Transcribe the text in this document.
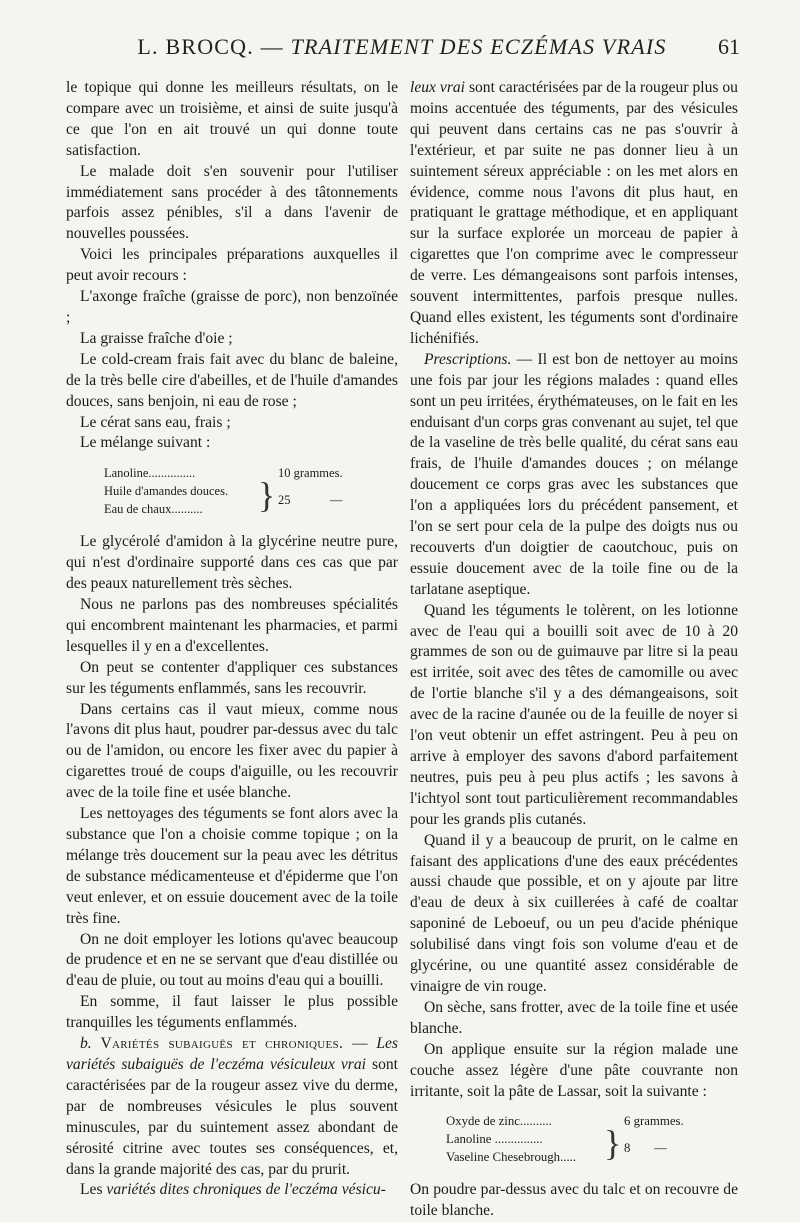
L. BROCQ. — TRAITEMENT DES ECZÉMAS VRAIS	61

le topique qui donne les meilleurs résultats, on le compare avec un troisième, et ainsi de suite jusqu'à ce que l'on en ait trouvé un qui donne toute satisfaction.

Le malade doit s'en souvenir pour l'utiliser immédiatement sans procéder à des tâtonnements parfois assez pénibles, s'il a dans l'avenir de nouvelles poussées.

Voici les principales préparations auxquelles il peut avoir recours :

L'axonge fraîche (graisse de porc), non benzoïnée ;

La graisse fraîche d'oie ;

Le cold-cream frais fait avec du blanc de baleine, de la très belle cire d'abeilles, et de l'huile d'amandes douces, sans benjoin, ni eau de rose ;

Le cérat sans eau, frais ;

Le mélange suivant :

Lanoline...............	10 grammes.
Huile d'amandes douces.
Eau de chaux.......... } 25	—

Le glycérolé d'amidon à la glycérine neutre pure, qui n'est d'ordinaire supporté dans ces cas que par des peaux naturellement très sèches.

Nous ne parlons pas des nombreuses spécialités qui encombrent maintenant les pharmacies, et parmi lesquelles il y en a d'excellentes.

On peut se contenter d'appliquer ces substances sur les téguments enflammés, sans les recouvrir.

Dans certains cas il vaut mieux, comme nous l'avons dit plus haut, poudrer par-dessus avec du talc ou de l'amidon, ou encore les fixer avec du papier à cigarettes troué de coups d'aiguille, ou les recouvrir avec de la toile fine et usée blanche.

Les nettoyages des téguments se font alors avec la substance que l'on a choisie comme topique ; on la mélange très doucement sur la peau avec les détritus de substance médicamenteuse et d'épiderme que l'on veut enlever, et on essuie doucement avec de la toile très fine.

On ne doit employer les lotions qu'avec beaucoup de prudence et en ne se servant que d'eau distillée ou d'eau de pluie, ou tout au moins d'eau qui a bouilli.

En somme, il faut laisser le plus possible tranquilles les téguments enflammés.

b. Variétés subaiguës et chroniques. — Les variétés subaiguës de l'eczéma vésiculeux vrai sont caractérisées par de la rougeur assez vive du derme, par de nombreuses vésicules le plus souvent minuscules, par du suintement assez abondant de sérosité citrine avec toutes ses conséquences, et, dans la grande majorité des cas, par du prurit.

Les variétés dites chroniques de l'eczéma vésicu-

leux vrai sont caractérisées par de la rougeur plus ou moins accentuée des téguments, par des vésicules qui peuvent dans certains cas ne pas s'ouvrir à l'extérieur, et par suite ne pas donner lieu à un suintement séreux appréciable : on les met alors en évidence, comme nous l'avons dit plus haut, en pratiquant le grattage méthodique, et en appliquant sur la surface explorée un morceau de papier à cigarettes que l'on comprime avec le compresseur de verre. Les démangeaisons sont parfois intenses, souvent intermittentes, parfois presque nulles. Quand elles existent, les téguments sont d'ordinaire lichénifiés.

Prescriptions. — Il est bon de nettoyer au moins une fois par jour les régions malades : quand elles sont un peu irritées, érythémateuses, on le fait en les enduisant d'un corps gras convenant au sujet, tel que de la vaseline de très belle qualité, du cérat sans eau frais, de l'huile d'amandes douces ; on mélange doucement ce corps gras avec les substances que l'on a appliquées lors du précédent pansement, et l'on se sert pour cela de la pulpe des doigts nus ou recouverts d'un doigtier de caoutchouc, puis on essuie doucement avec de la toile fine ou de la tarlatane aseptique.

Quand les téguments le tolèrent, on les lotionne avec de l'eau qui a bouilli soit avec de 10 à 20 grammes de son ou de guimauve par litre si la peau est irritée, soit avec des têtes de camomille ou avec de l'ortie blanche s'il y a des démangeaisons, soit avec de la racine d'aunée ou de la feuille de noyer si l'on veut obtenir un effet astringent. Peu à peu on arrive à employer des savons d'abord parfaitement neutres, puis peu à peu plus actifs ; les savons à l'ichtyol sont tout particulièrement recommandables pour les grands plis cutanés.

Quand il y a beaucoup de prurit, on le calme en faisant des applications d'une des eaux précédentes aussi chaude que possible, et on y ajoute par litre d'eau de deux à six cuillerées à café de coaltar saponiné de Leboeuf, ou un peu d'acide phénique solubilisé dans vingt fois son volume d'eau et de glycérine, ou une quantité assez considérable de vinaigre de vin rouge.

On sèche, sans frotter, avec de la toile fine et usée blanche.

On applique ensuite sur la région malade une couche assez légère d'une pâte couvrante non irritante, soit la pâte de Lassar, soit la suivante :

Oxyde de zinc..........	6 grammes.
Lanoline ...............
Vaseline Chesebrough..... } 8 —

On poudre par-dessus avec du talc et on recouvre de toile blanche.
